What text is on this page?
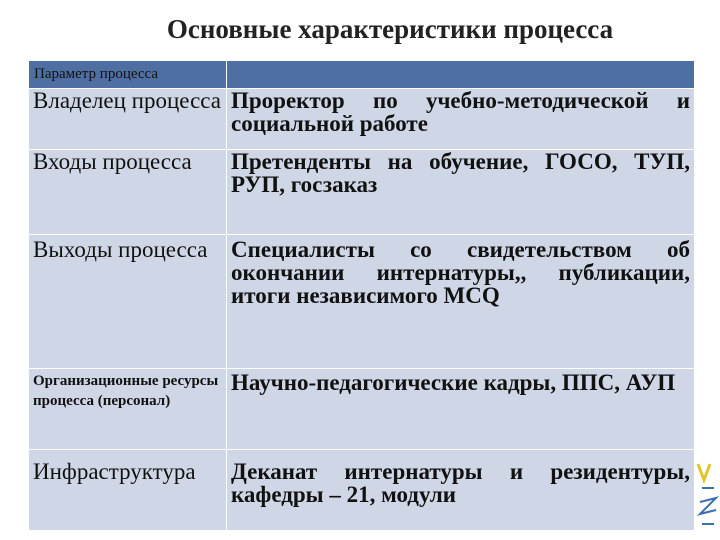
Основные характеристики процесса
Параметр процесса	
Владелец процесса	Проректор по учебно-методической и социальной работе
Входы процесса	Претенденты на обучение, ГОСО, ТУП, РУП, госзаказ
Выходы процесса	Специалисты со свидетельством об окончании интернатуры,, публикации, итоги независимого MCQ
Организационные ресурсы процесса (персонал)	Научно-педагогические кадры, ППС, АУП
Инфраструктура	Деканат интернатуры и резидентуры, кафедры – 21, модули
